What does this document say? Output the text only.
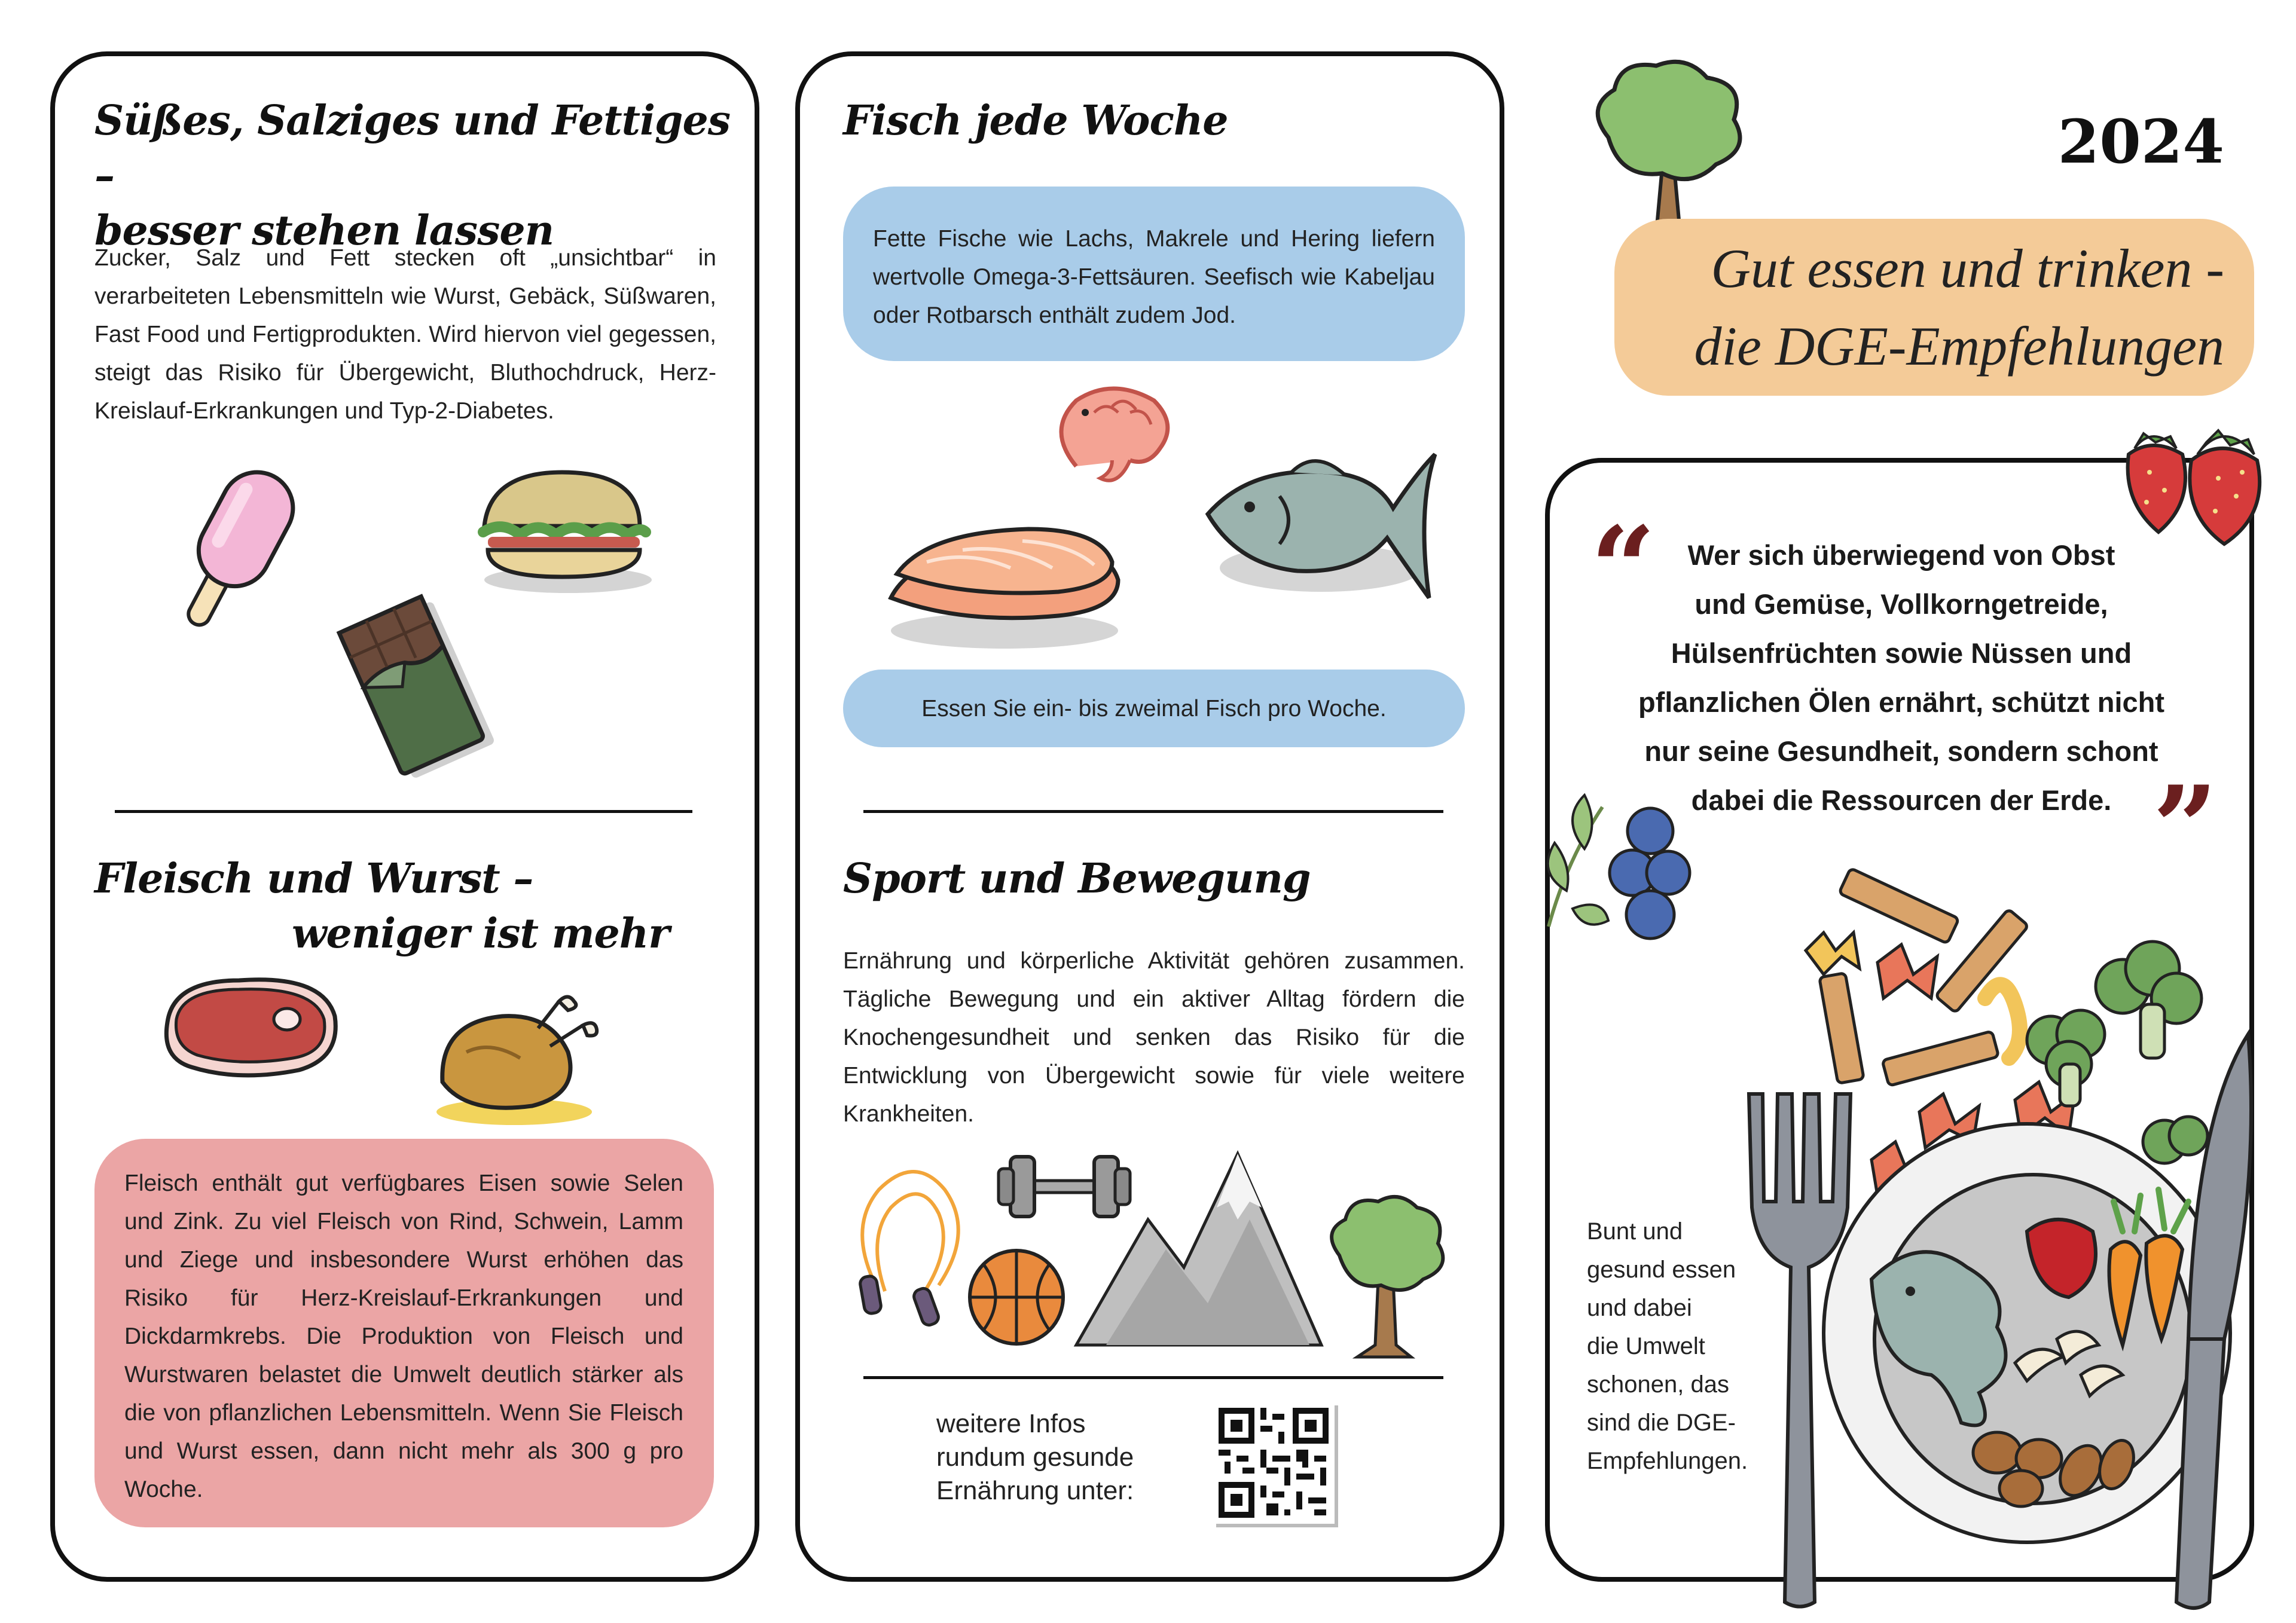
Süßes, Salziges und Fettiges –
besser stehen lassen

Zucker, Salz und Fett stecken oft „unsichtbar“ in verarbeiteten Lebensmitteln wie Wurst, Gebäck, Süßwaren, Fast Food und Fertigprodukten. Wird hiervon viel gegessen, steigt das Risiko für Übergewicht, Bluthochdruck, Herz-Kreislauf-Erkrankungen und Typ-2-Diabetes.

Fleisch und Wurst –
weniger ist mehr

Fleisch enthält gut verfügbares Eisen sowie Selen und Zink. Zu viel Fleisch von Rind, Schwein, Lamm und Ziege und insbesondere Wurst erhöhen das Risiko für Herz-Kreislauf-Erkrankungen und Dickdarmkrebs. Die Produktion von Fleisch und Wurstwaren belastet die Umwelt deutlich stärker als die von pflanzlichen Lebensmitteln. Wenn Sie Fleisch und Wurst essen, dann nicht mehr als 300 g pro Woche.

Fisch jede Woche

Fette Fische wie Lachs, Makrele und Hering liefern wertvolle Omega-3-Fettsäuren. Seefisch wie Kabeljau oder Rotbarsch enthält zudem Jod.

Essen Sie ein- bis zweimal Fisch pro Woche.

Sport und Bewegung

Ernährung und körperliche Aktivität gehören zusammen. Tägliche Bewegung und ein aktiver Alltag fördern die Knochengesundheit und senken das Risiko für die Entwicklung von Übergewicht sowie für viele weitere Krankheiten.

weitere Infos
rundum gesunde
Ernährung unter:
2024
Gut essen und trinken -
die DGE-Empfehlungen
“	Wer sich überwiegend von Obst
und Gemüse, Vollkorngetreide,
Hülsenfrüchten sowie Nüssen und
pflanzlichen Ölen ernährt, schützt nicht
nur seine Gesundheit, sondern schont
dabei die Ressourcen der Erde. ”
Bunt und
gesund essen
und dabei
die Umwelt
schonen, das
sind die DGE-
Empfehlungen.
